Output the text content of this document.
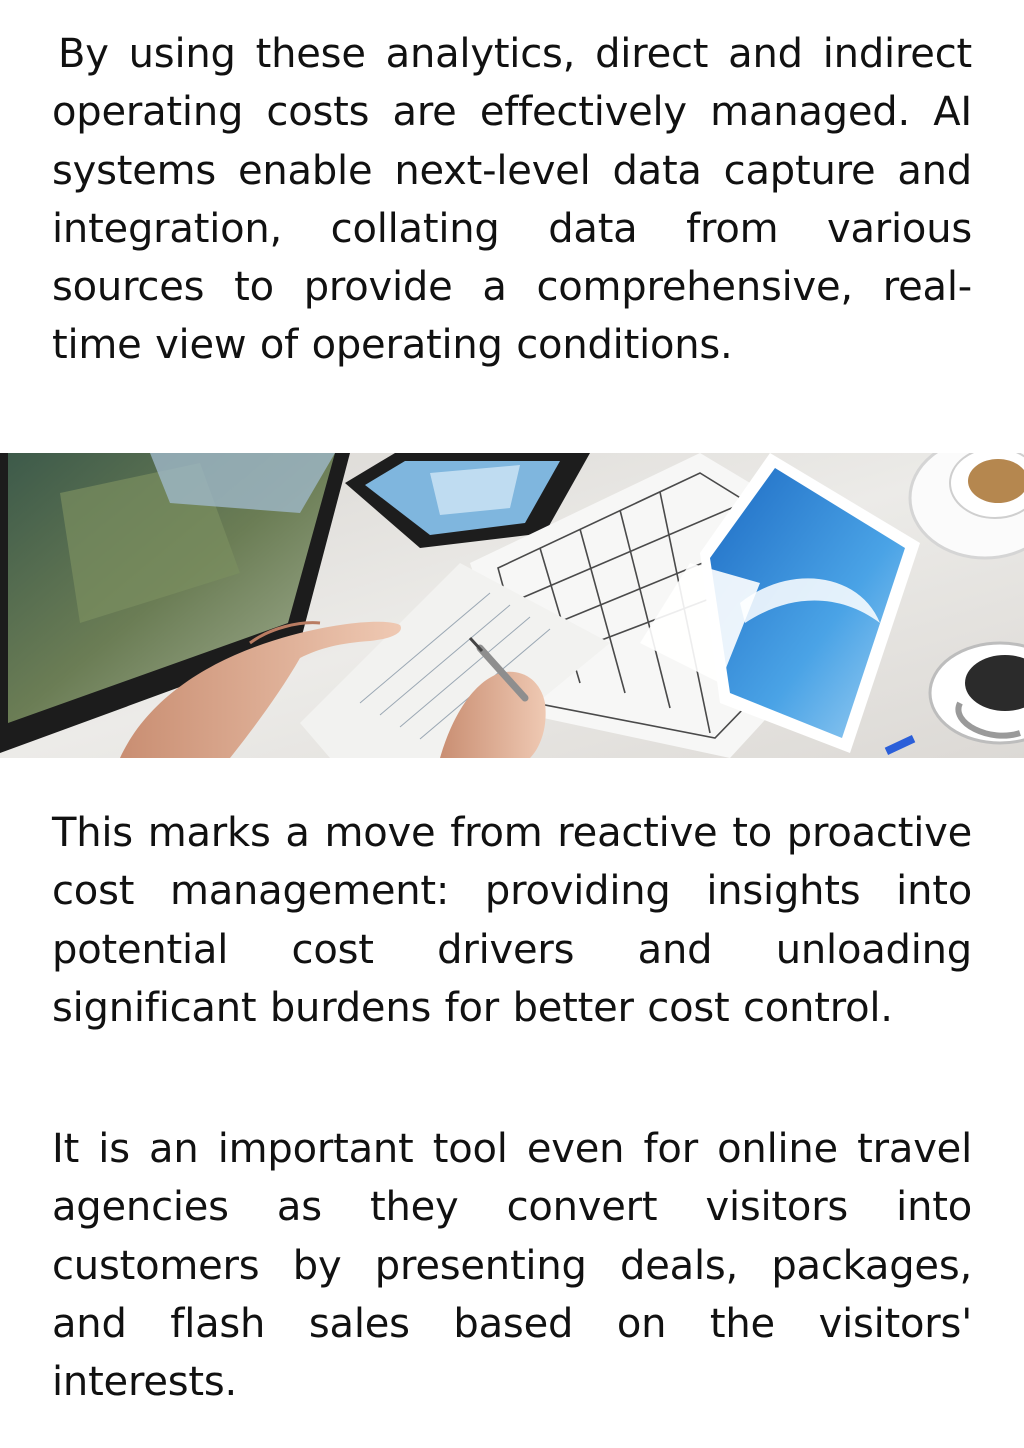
By using these analytics, direct and indirect operating costs are effectively managed. AI systems enable next-level data capture and integration, collating data from various sources to provide a comprehensive, real-time view of operating conditions.

This marks a move from reactive to proactive cost management: providing insights into potential cost drivers and unloading significant burdens for better cost control.

It is an important tool even for online travel agencies as they convert visitors into customers by presenting deals, packages, and flash sales based on the visitors' interests.
